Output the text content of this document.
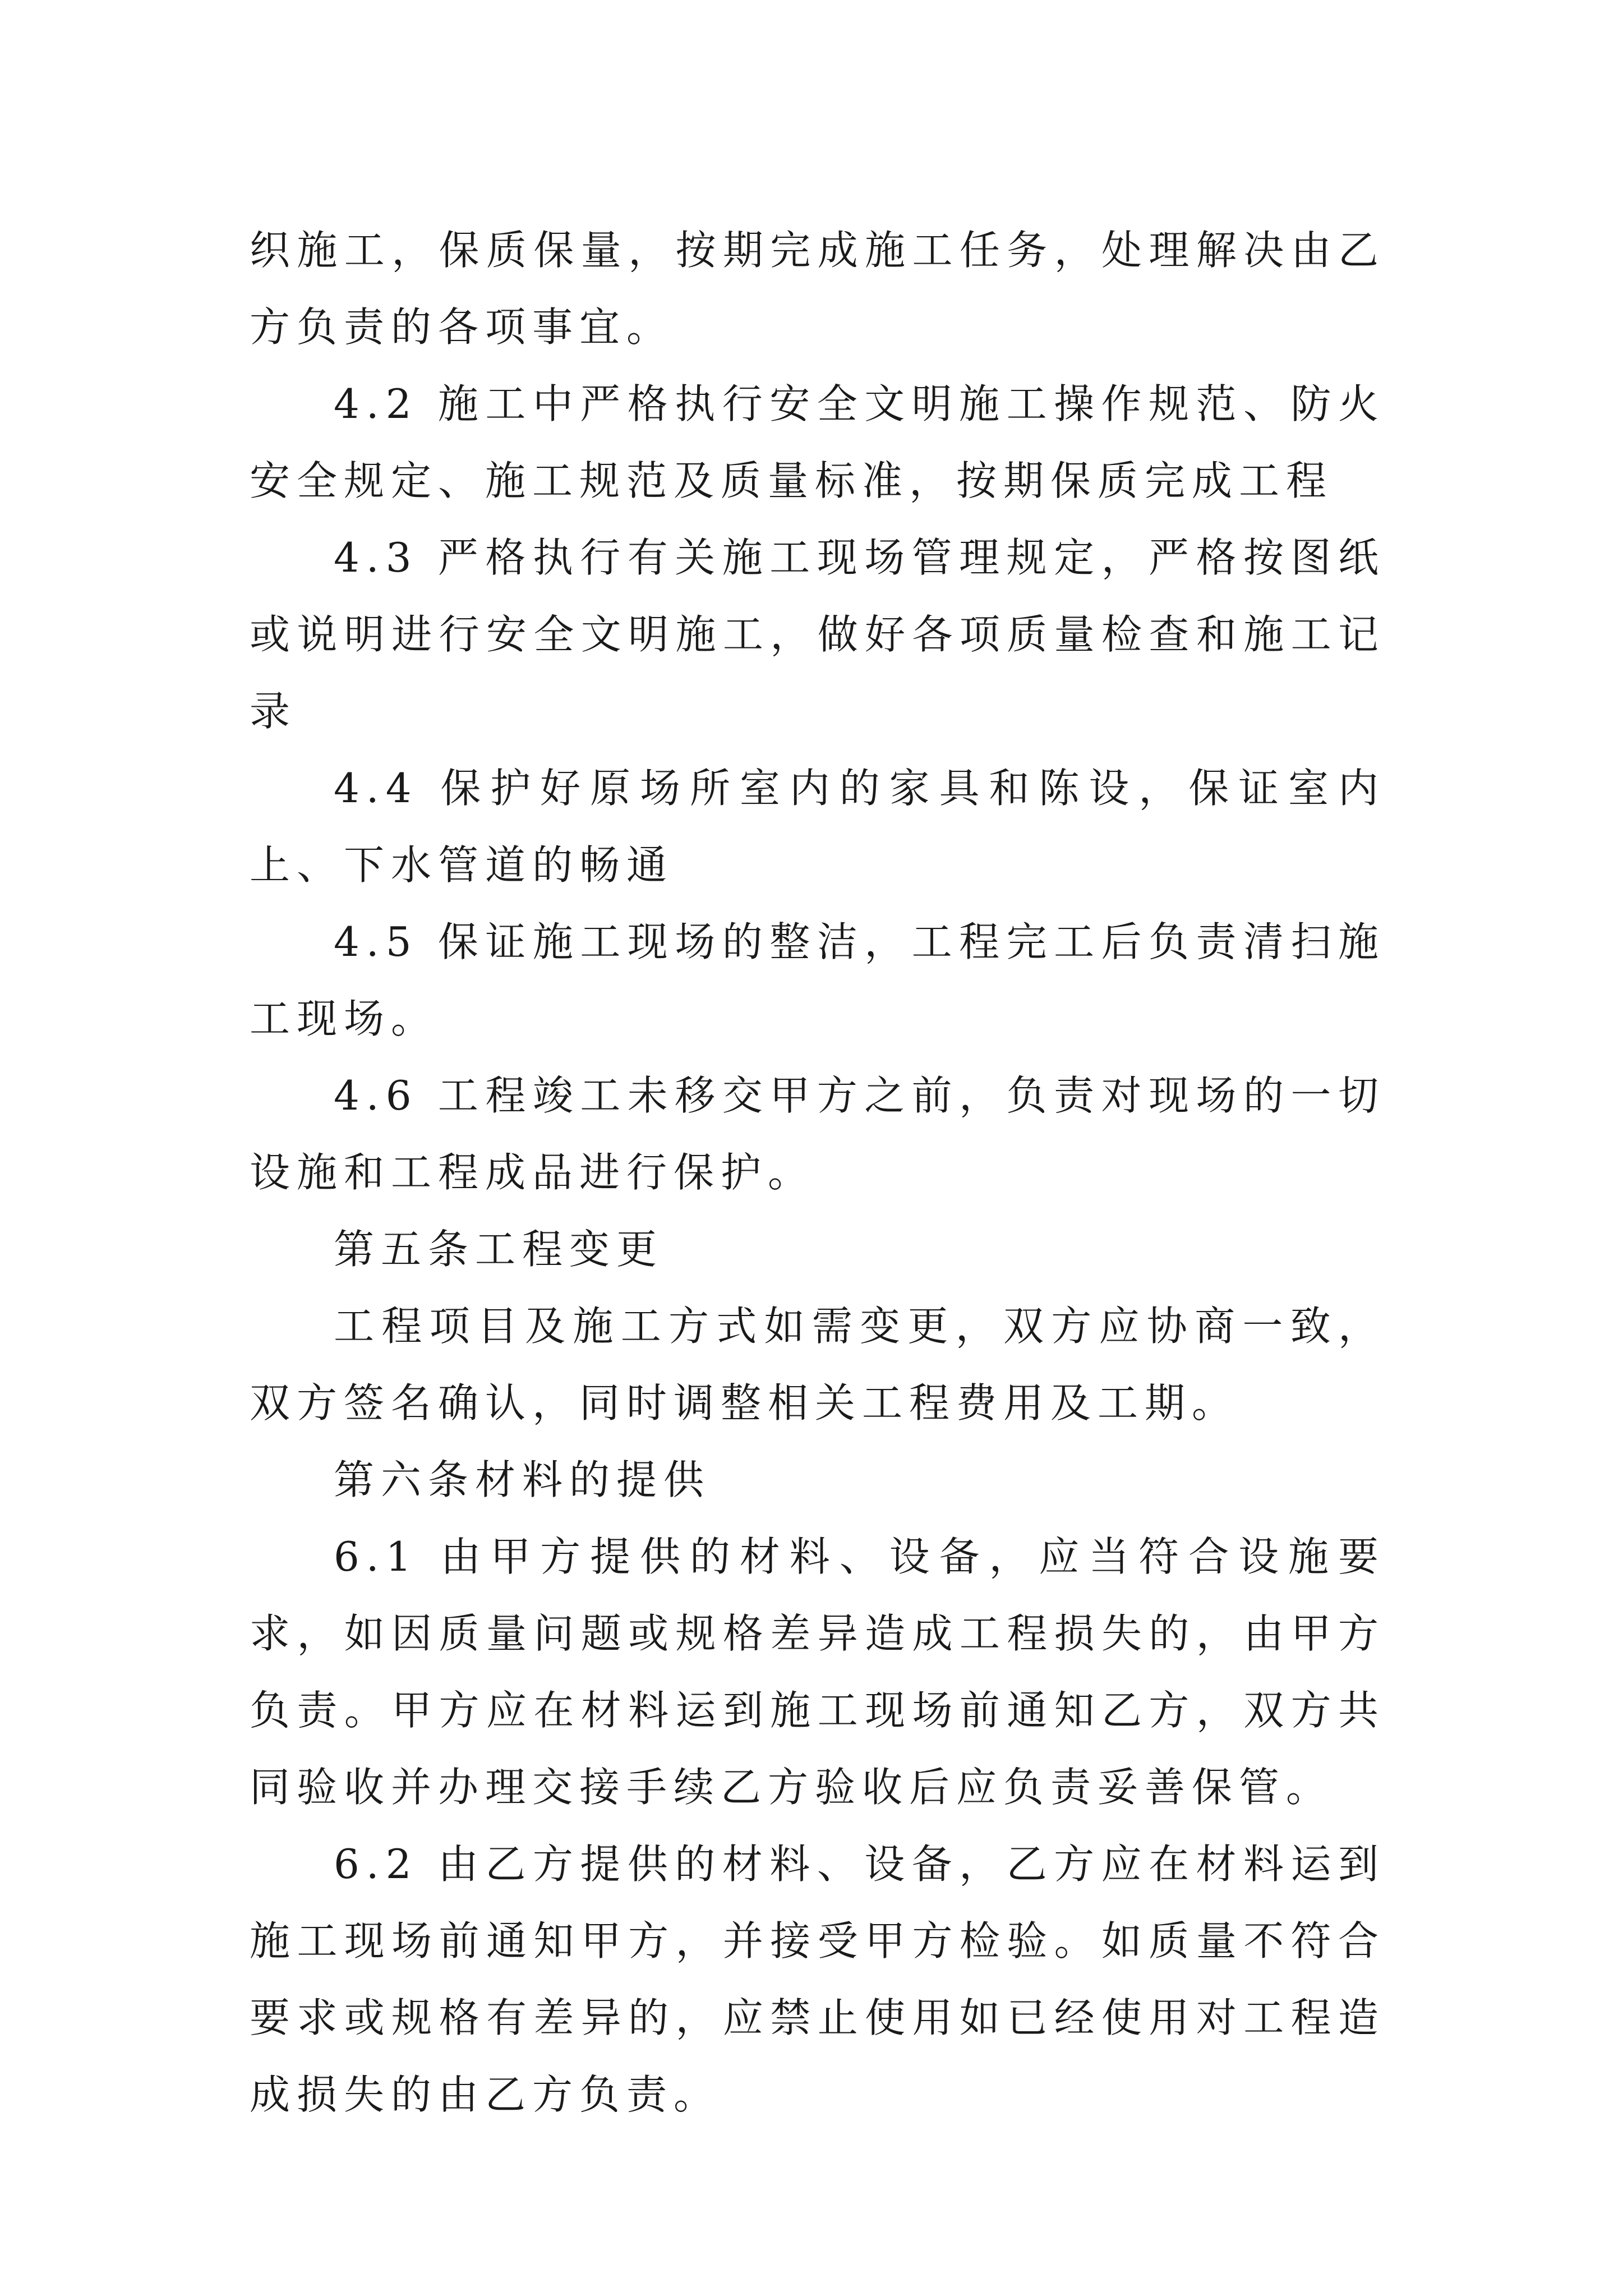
织施工，保质保量，按期完成施工任务，处理解决由乙方负责的各项事宜。

4.2 施工中严格执行安全文明施工操作规范、防火安全规定、施工规范及质量标准，按期保质完成工程

4.3 严格执行有关施工现场管理规定，严格按图纸或说明进行安全文明施工，做好各项质量检查和施工记录

4.4 保护好原场所室内的家具和陈设，保证室内上、下水管道的畅通

4.5 保证施工现场的整洁，工程完工后负责清扫施工现场。

4.6 工程竣工未移交甲方之前，负责对现场的一切设施和工程成品进行保护。

第五条工程变更

工程项目及施工方式如需变更，双方应协商一致，双方签名确认，同时调整相关工程费用及工期。

第六条材料的提供

6.1 由甲方提供的材料、设备，应当符合设施要求，如因质量问题或规格差异造成工程损失的，由甲方负责。甲方应在材料运到施工现场前通知乙方，双方共同验收并办理交接手续乙方验收后应负责妥善保管。

6.2 由乙方提供的材料、设备，乙方应在材料运到施工现场前通知甲方，并接受甲方检验。如质量不符合要求或规格有差异的，应禁止使用如已经使用对工程造成损失的由乙方负责。
